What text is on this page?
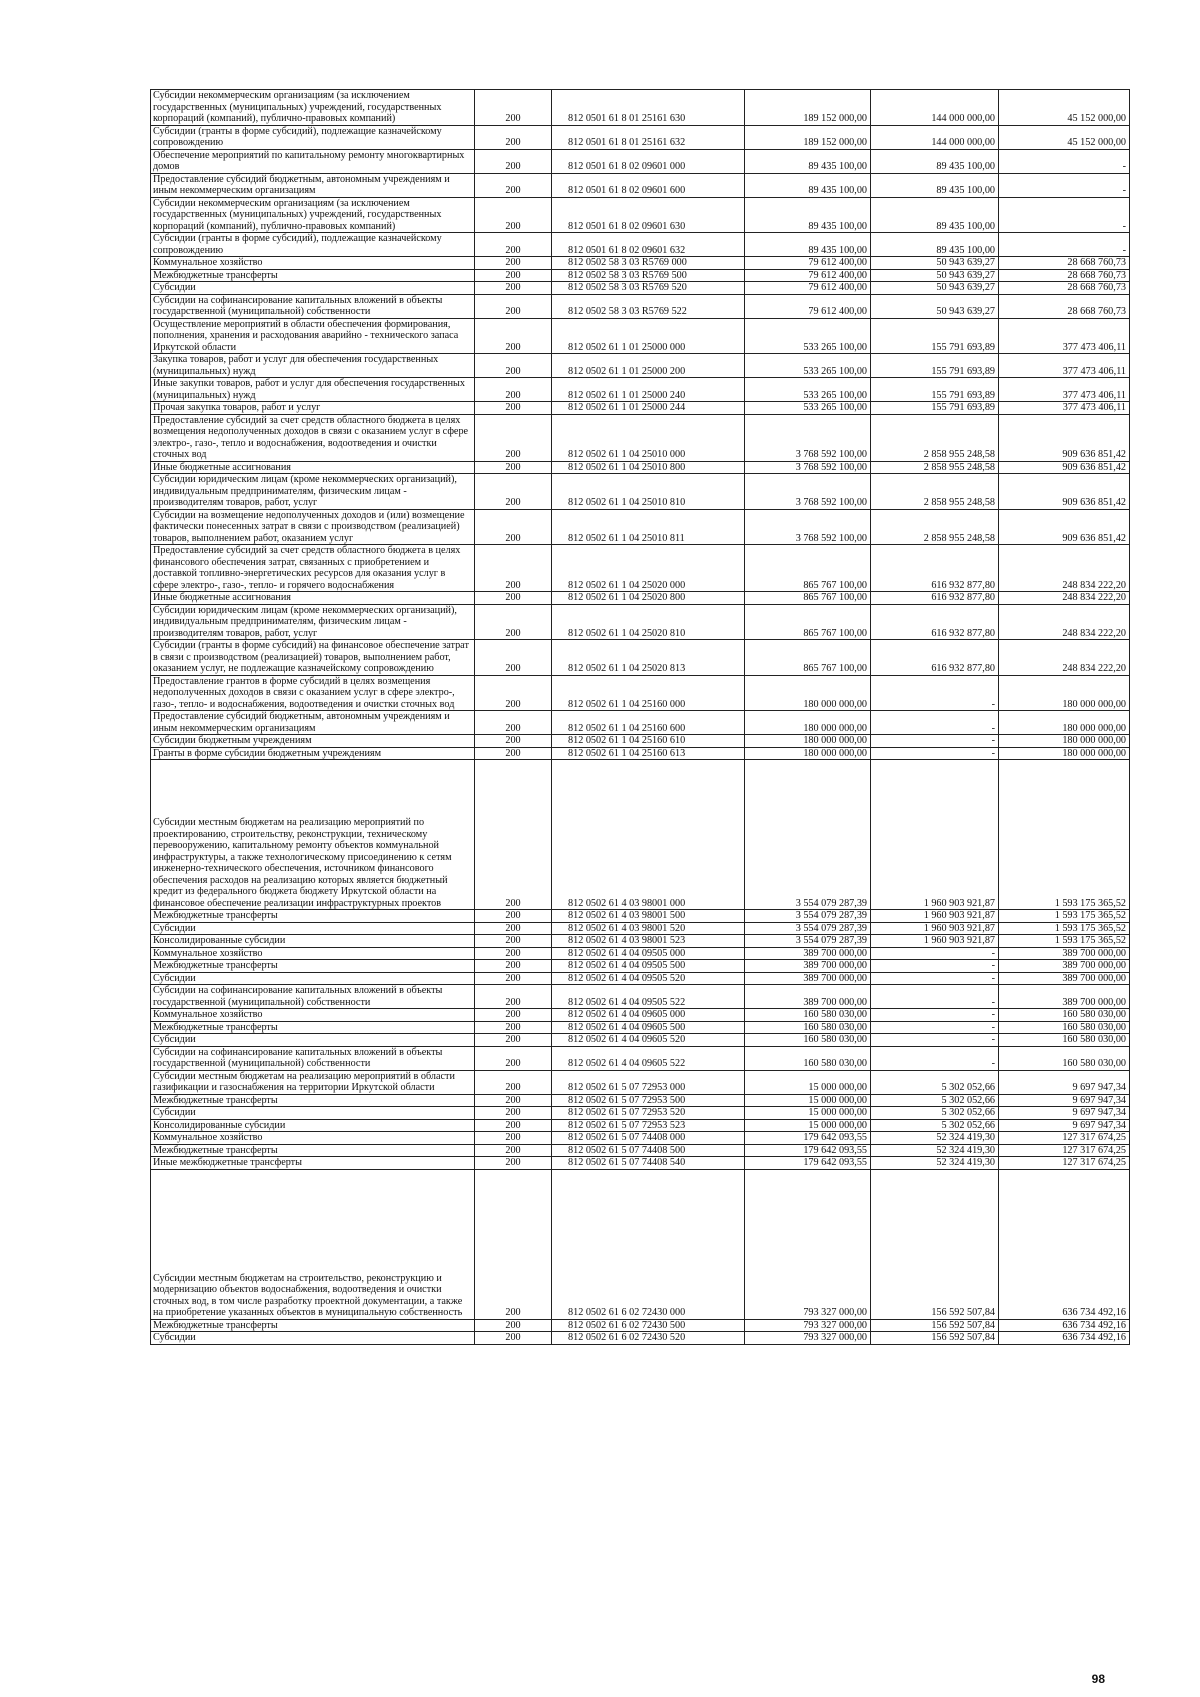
Субсидии некоммерческим организациям (за исключением государственных (муниципальных) учреждений, государственных корпораций (компаний), публично-правовых компаний)	200	812 0501 61 8 01 25161 630	189 152 000,00	144 000 000,00	45 152 000,00
Субсидии (гранты в форме субсидий), подлежащие казначейскому сопровождению	200	812 0501 61 8 01 25161 632	189 152 000,00	144 000 000,00	45 152 000,00
Обеспечение мероприятий по капитальному ремонту многоквартирных домов	200	812 0501 61 8 02 09601 000	89 435 100,00	89 435 100,00	-
Предоставление субсидий бюджетным, автономным учреждениям и иным некоммерческим организациям	200	812 0501 61 8 02 09601 600	89 435 100,00	89 435 100,00	-
Субсидии некоммерческим организациям (за исключением государственных (муниципальных) учреждений, государственных корпораций (компаний), публично-правовых компаний)	200	812 0501 61 8 02 09601 630	89 435 100,00	89 435 100,00	-
Субсидии (гранты в форме субсидий), подлежащие казначейскому сопровождению	200	812 0501 61 8 02 09601 632	89 435 100,00	89 435 100,00	-
Коммунальное хозяйство	200	812 0502 58 3 03 R5769 000	79 612 400,00	50 943 639,27	28 668 760,73
Межбюджетные трансферты	200	812 0502 58 3 03 R5769 500	79 612 400,00	50 943 639,27	28 668 760,73
Субсидии	200	812 0502 58 3 03 R5769 520	79 612 400,00	50 943 639,27	28 668 760,73
Субсидии на софинансирование капитальных вложений в объекты государственной (муниципальной) собственности	200	812 0502 58 3 03 R5769 522	79 612 400,00	50 943 639,27	28 668 760,73
Осуществление мероприятий в области обеспечения формирования, пополнения, хранения и расходования аварийно - технического запаса Иркутской области	200	812 0502 61 1 01 25000 000	533 265 100,00	155 791 693,89	377 473 406,11
Закупка товаров, работ и услуг для обеспечения государственных (муниципальных) нужд	200	812 0502 61 1 01 25000 200	533 265 100,00	155 791 693,89	377 473 406,11
Иные закупки товаров, работ и услуг для обеспечения государственных (муниципальных) нужд	200	812 0502 61 1 01 25000 240	533 265 100,00	155 791 693,89	377 473 406,11
Прочая закупка товаров, работ и услуг	200	812 0502 61 1 01 25000 244	533 265 100,00	155 791 693,89	377 473 406,11
Предоставление субсидий за счет средств областного бюджета в целях возмещения недополученных доходов в связи с оказанием услуг в сфере электро-, газо-, тепло и водоснабжения, водоотведения и очистки сточных вод	200	812 0502 61 1 04 25010 000	3 768 592 100,00	2 858 955 248,58	909 636 851,42
Иные бюджетные ассигнования	200	812 0502 61 1 04 25010 800	3 768 592 100,00	2 858 955 248,58	909 636 851,42
Субсидии юридическим лицам (кроме некоммерческих организаций), индивидуальным предпринимателям, физическим лицам - производителям товаров, работ, услуг	200	812 0502 61 1 04 25010 810	3 768 592 100,00	2 858 955 248,58	909 636 851,42
Субсидии на возмещение недополученных доходов и (или) возмещение фактически понесенных затрат в связи с производством (реализацией) товаров, выполнением работ, оказанием услуг	200	812 0502 61 1 04 25010 811	3 768 592 100,00	2 858 955 248,58	909 636 851,42
Предоставление субсидий за счет средств областного бюджета в целях финансового обеспечения затрат, связанных с приобретением и доставкой топливно-энергетических ресурсов для оказания услуг в сфере электро-, газо-, тепло- и горячего водоснабжения	200	812 0502 61 1 04 25020 000	865 767 100,00	616 932 877,80	248 834 222,20
Иные бюджетные ассигнования	200	812 0502 61 1 04 25020 800	865 767 100,00	616 932 877,80	248 834 222,20
Субсидии юридическим лицам (кроме некоммерческих организаций), индивидуальным предпринимателям, физическим лицам - производителям товаров, работ, услуг	200	812 0502 61 1 04 25020 810	865 767 100,00	616 932 877,80	248 834 222,20
Субсидии (гранты в форме субсидий) на финансовое обеспечение затрат в связи с производством (реализацией) товаров, выполнением работ, оказанием услуг, не подлежащие казначейскому сопровождению	200	812 0502 61 1 04 25020 813	865 767 100,00	616 932 877,80	248 834 222,20
Предоставление грантов в форме субсидий в целях возмещения недополученных доходов в связи с оказанием услуг в сфере электро-, газо-, тепло- и водоснабжения, водоотведения и очистки сточных вод	200	812 0502 61 1 04 25160 000	180 000 000,00	-	180 000 000,00
Предоставление субсидий бюджетным, автономным учреждениям и иным некоммерческим организациям	200	812 0502 61 1 04 25160 600	180 000 000,00	-	180 000 000,00
Субсидии бюджетным учреждениям	200	812 0502 61 1 04 25160 610	180 000 000,00	-	180 000 000,00
Гранты в форме субсидии бюджетным учреждениям	200	812 0502 61 1 04 25160 613	180 000 000,00	-	180 000 000,00
Субсидии местным бюджетам на реализацию мероприятий по проектированию, строительству, реконструкции, техническому перевооружению, капитальному ремонту объектов коммунальной инфраструктуры, а также технологическому присоединению к сетям инженерно-технического обеспечения, источником финансового обеспечения расходов на реализацию которых является бюджетный кредит из федерального бюджета бюджету Иркутской области на финансовое обеспечение реализации инфраструктурных проектов	200	812 0502 61 4 03 98001 000	3 554 079 287,39	1 960 903 921,87	1 593 175 365,52
Межбюджетные трансферты	200	812 0502 61 4 03 98001 500	3 554 079 287,39	1 960 903 921,87	1 593 175 365,52
Субсидии	200	812 0502 61 4 03 98001 520	3 554 079 287,39	1 960 903 921,87	1 593 175 365,52
Консолидированные субсидии	200	812 0502 61 4 03 98001 523	3 554 079 287,39	1 960 903 921,87	1 593 175 365,52
Коммунальное хозяйство	200	812 0502 61 4 04 09505 000	389 700 000,00	-	389 700 000,00
Межбюджетные трансферты	200	812 0502 61 4 04 09505 500	389 700 000,00	-	389 700 000,00
Субсидии	200	812 0502 61 4 04 09505 520	389 700 000,00	-	389 700 000,00
Субсидии на софинансирование капитальных вложений в объекты государственной (муниципальной) собственности	200	812 0502 61 4 04 09505 522	389 700 000,00	-	389 700 000,00
Коммунальное хозяйство	200	812 0502 61 4 04 09605 000	160 580 030,00	-	160 580 030,00
Межбюджетные трансферты	200	812 0502 61 4 04 09605 500	160 580 030,00	-	160 580 030,00
Субсидии	200	812 0502 61 4 04 09605 520	160 580 030,00	-	160 580 030,00
Субсидии на софинансирование капитальных вложений в объекты государственной (муниципальной) собственности	200	812 0502 61 4 04 09605 522	160 580 030,00	-	160 580 030,00
Субсидии местным бюджетам на реализацию мероприятий в области газификации и газоснабжения на территории Иркутской области	200	812 0502 61 5 07 72953 000	15 000 000,00	5 302 052,66	9 697 947,34
Межбюджетные трансферты	200	812 0502 61 5 07 72953 500	15 000 000,00	5 302 052,66	9 697 947,34
Субсидии	200	812 0502 61 5 07 72953 520	15 000 000,00	5 302 052,66	9 697 947,34
Консолидированные субсидии	200	812 0502 61 5 07 72953 523	15 000 000,00	5 302 052,66	9 697 947,34
Коммунальное хозяйство	200	812 0502 61 5 07 74408 000	179 642 093,55	52 324 419,30	127 317 674,25
Межбюджетные трансферты	200	812 0502 61 5 07 74408 500	179 642 093,55	52 324 419,30	127 317 674,25
Иные межбюджетные трансферты	200	812 0502 61 5 07 74408 540	179 642 093,55	52 324 419,30	127 317 674,25
Субсидии местным бюджетам на строительство, реконструкцию и модернизацию объектов водоснабжения, водоотведения и очистки сточных вод, в том числе разработку проектной документации, а также на приобретение указанных объектов в муниципальную собственность	200	812 0502 61 6 02 72430 000	793 327 000,00	156 592 507,84	636 734 492,16
Межбюджетные трансферты	200	812 0502 61 6 02 72430 500	793 327 000,00	156 592 507,84	636 734 492,16
Субсидии	200	812 0502 61 6 02 72430 520	793 327 000,00	156 592 507,84	636 734 492,16
98
